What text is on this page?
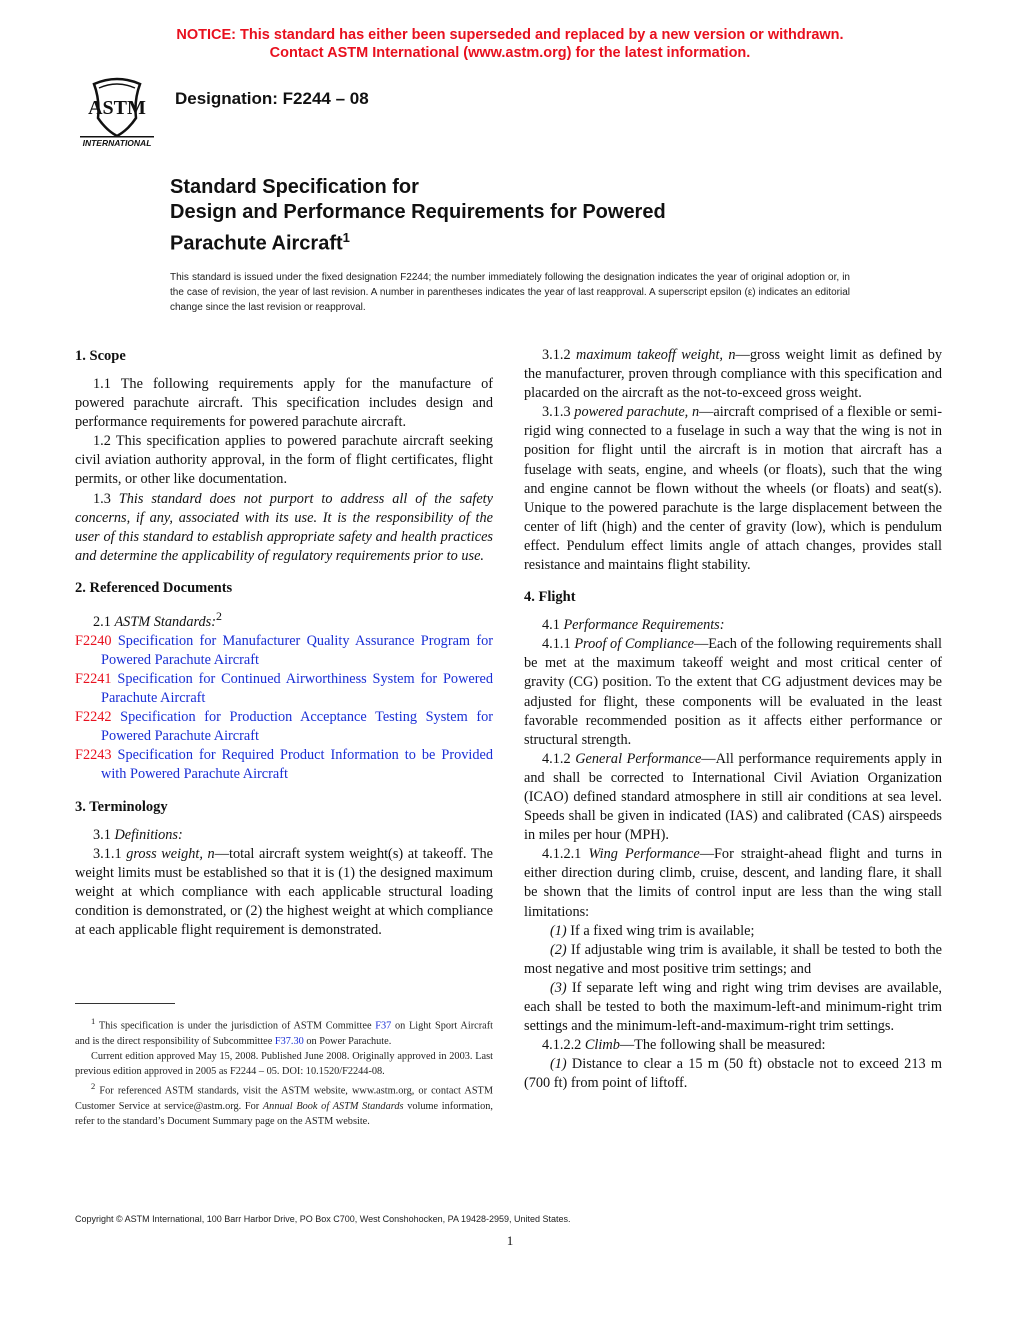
NOTICE: This standard has either been superseded and replaced by a new version or withdrawn.
Contact ASTM International (www.astm.org) for the latest information.
ASTM
INTERNATIONAL
Designation: F2244 – 08
Standard Specification for
Design and Performance Requirements for Powered
Parachute Aircraft$^1$
This standard is issued under the fixed designation F2244; the number immediately following the designation indicates the year of original adoption or, in the case of revision, the year of last revision. A number in parentheses indicates the year of last reapproval. A superscript epsilon (ε) indicates an editorial change since the last revision or reapproval.
1. Scope

1.1 The following requirements apply for the manufacture of powered parachute aircraft. This specification includes design and performance requirements for powered parachute aircraft.

1.2 This specification applies to powered parachute aircraft seeking civil aviation authority approval, in the form of flight certificates, flight permits, or other like documentation.

1.3 This standard does not purport to address all of the safety concerns, if any, associated with its use. It is the responsibility of the user of this standard to establish appropriate safety and health practices and determine the applicability of regulatory requirements prior to use.

2. Referenced Documents

2.1 ASTM Standards:$^2$

F2240 Specification for Manufacturer Quality Assurance Program for Powered Parachute Aircraft

F2241 Specification for Continued Airworthiness System for Powered Parachute Aircraft

F2242 Specification for Production Acceptance Testing System for Powered Parachute Aircraft

F2243 Specification for Required Product Information to be Provided with Powered Parachute Aircraft

3. Terminology

3.1 Definitions:

3.1.1 gross weight, n—total aircraft system weight(s) at takeoff. The weight limits must be established so that it is (1) the designed maximum weight at which compliance with each applicable structural loading condition is demonstrated, or (2) the highest weight at which compliance at each applicable flight requirement is demonstrated.

3.1.2 maximum takeoff weight, n—gross weight limit as defined by the manufacturer, proven through compliance with this specification and placarded on the aircraft as the not-to-exceed gross weight.

3.1.3 powered parachute, n—aircraft comprised of a flexible or semi-rigid wing connected to a fuselage in such a way that the wing is not in position for flight until the aircraft is in motion that aircraft has a fuselage with seats, engine, and wheels (or floats), such that the wing and engine cannot be flown without the wheels (or floats) and seat(s). Unique to the powered parachute is the large displacement between the center of lift (high) and the center of gravity (low), which is pendulum effect. Pendulum effect limits angle of attach changes, provides stall resistance and maintains flight stability.

4. Flight

4.1 Performance Requirements:

4.1.1 Proof of Compliance—Each of the following requirements shall be met at the maximum takeoff weight and most critical center of gravity (CG) position. To the extent that CG adjustment devices may be adjusted for flight, these components will be evaluated in the least favorable recommended position as it affects either performance or structural strength.

4.1.2 General Performance—All performance requirements apply in and shall be corrected to International Civil Aviation Organization (ICAO) defined standard atmosphere in still air conditions at sea level. Speeds shall be given in indicated (IAS) and calibrated (CAS) airspeeds in miles per hour (MPH).

4.1.2.1 Wing Performance—For straight-ahead flight and turns in either direction during climb, cruise, descent, and landing flare, it shall be shown that the limits of control input are less than the wing stall limitations:

(1) If a fixed wing trim is available;

(2) If adjustable wing trim is available, it shall be tested to both the most negative and most positive trim settings; and

(3) If separate left wing and right wing trim devises are available, each shall be tested to both the maximum-left-and minimum-right trim settings and the minimum-left-and-maximum-right trim settings.

4.1.2.2 Climb—The following shall be measured:

(1) Distance to clear a 15 m (50 ft) obstacle not to exceed 213 m (700 ft) from point of liftoff.

$^1$ This specification is under the jurisdiction of ASTM Committee F37 on Light Sport Aircraft and is the direct responsibility of Subcommittee F37.30 on Power Parachute.

Current edition approved May 15, 2008. Published June 2008. Originally approved in 2003. Last previous edition approved in 2005 as F2244 – 05. DOI: 10.1520/F2244-08.

$^2$ For referenced ASTM standards, visit the ASTM website, www.astm.org, or contact ASTM Customer Service at service@astm.org. For Annual Book of ASTM Standards volume information, refer to the standard’s Document Summary page on the ASTM website.

Copyright © ASTM International, 100 Barr Harbor Drive, PO Box C700, West Conshohocken, PA 19428-2959, United States.
1
